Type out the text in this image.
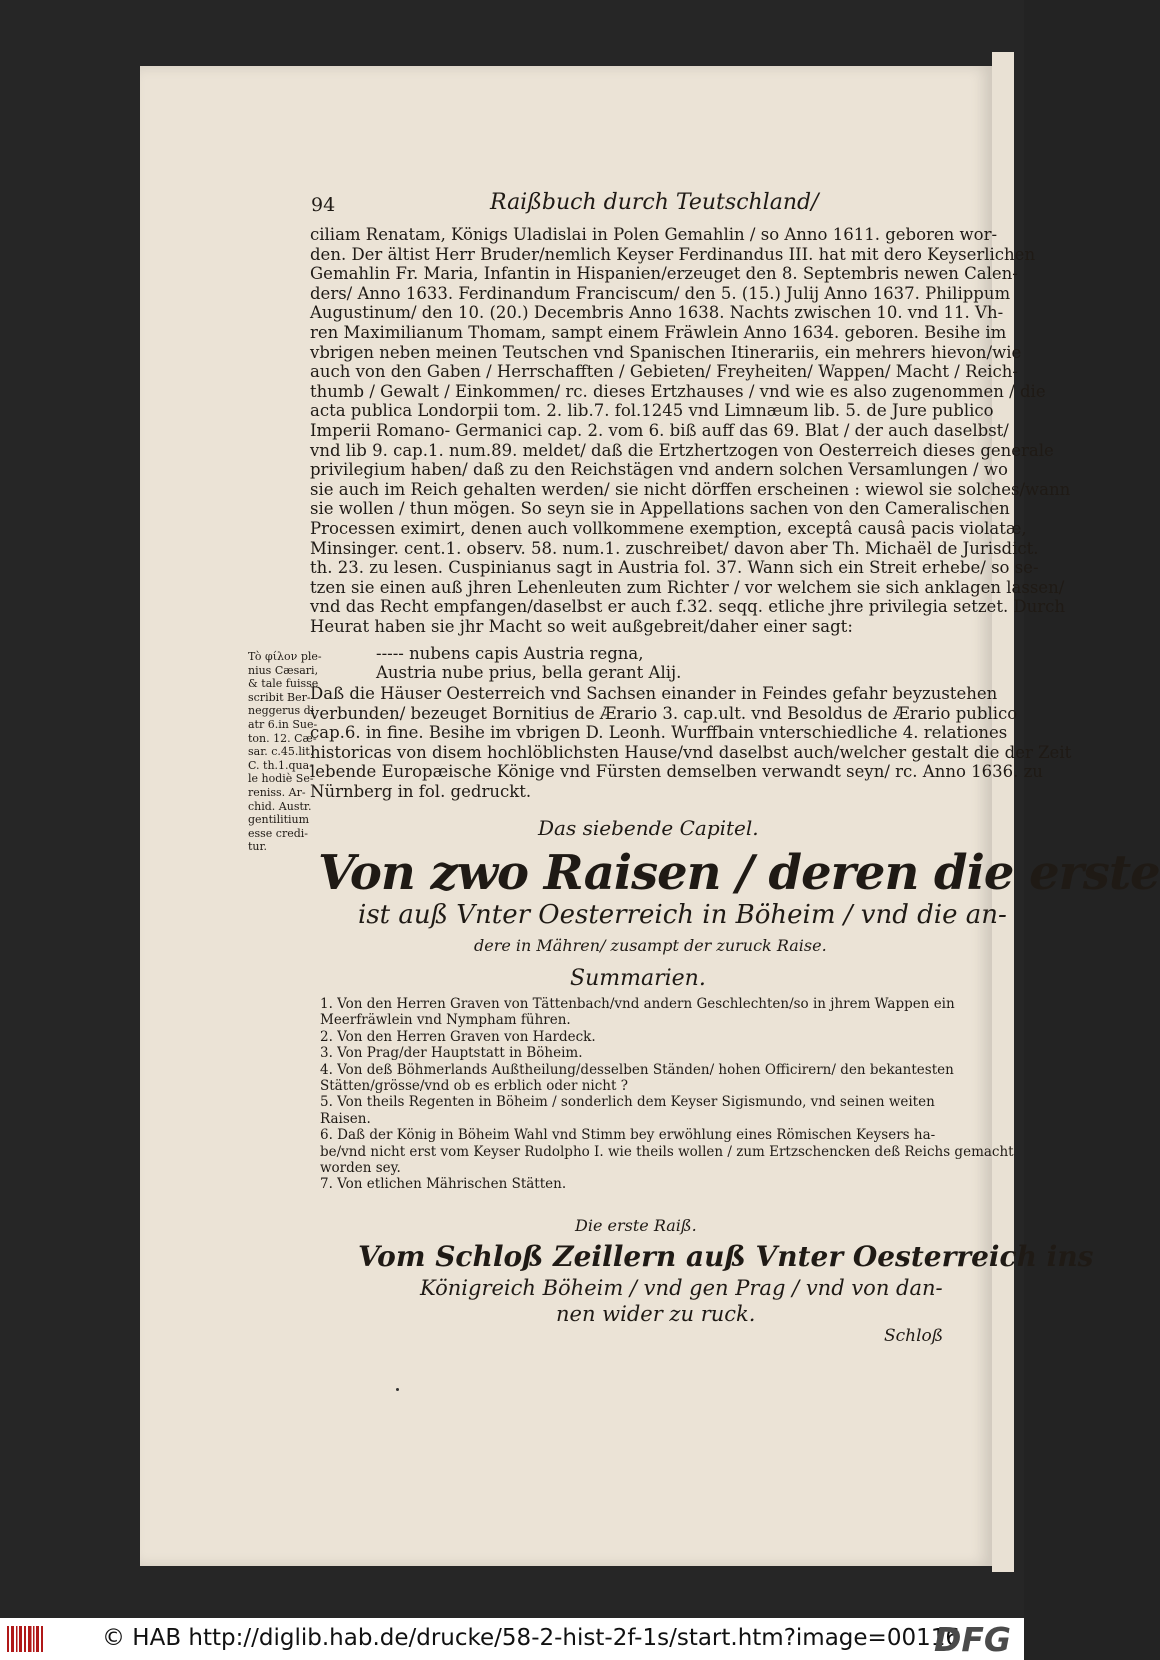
94	Raißbuch durch Teutschland/
ciliam Renatam, Königs Uladislai in Polen Gemahlin / so Anno 1611. geboren wor-
den. Der ältist Herr Bruder/nemlich Keyser Ferdinandus III. hat mit dero Keyserlichen
Gemahlin Fr. Maria, Infantin in Hispanien/erzeuget den 8. Septembris newen Calen-
ders/ Anno 1633. Ferdinandum Franciscum/ den 5. (15.) Julij Anno 1637. Philippum
Augustinum/ den 10. (20.) Decembris Anno 1638. Nachts zwischen 10. vnd 11. Vh-
ren Maximilianum Thomam, sampt einem Fräwlein Anno 1634. geboren. Besihe im
vbrigen neben meinen Teutschen vnd Spanischen Itinerariis, ein mehrers hievon/wie
auch von den Gaben / Herrschafften / Gebieten/ Freyheiten/ Wappen/ Macht / Reich-
thumb / Gewalt / Einkommen/ rc. dieses Ertzhauses / vnd wie es also zugenommen / die
acta publica Londorpii tom. 2. lib.7. fol.1245 vnd Limnæum lib. 5. de Jure publico
Imperii Romano- Germanici cap. 2. vom 6. biß auff das 69. Blat / der auch daselbst/
vnd lib 9. cap.1. num.89. meldet/ daß die Ertzhertzogen von Oesterreich dieses generale
privilegium haben/ daß zu den Reichstägen vnd andern solchen Versamlungen / wo
sie auch im Reich gehalten werden/ sie nicht dörffen erscheinen : wiewol sie solches/wann
sie wollen / thun mögen. So seyn sie in Appellations sachen von den Cameralischen
Processen eximirt, denen auch vollkommene exemption, exceptâ causâ pacis violatæ,
Minsinger. cent.1. observ. 58. num.1. zuschreibet/ davon aber Th. Michaël de Jurisdict.
th. 23. zu lesen. Cuspinianus sagt in Austria fol. 37. Wann sich ein Streit erhebe/ so se-
tzen sie einen auß jhren Lehenleuten zum Richter / vor welchem sie sich anklagen lassen/
vnd das Recht empfangen/daselbst er auch f.32. seqq. etliche jhre privilegia setzet. Durch
Heurat haben sie jhr Macht so weit außgebreit/daher einer sagt:
Tò φίλον ple-
nius Cæsari,
& tale fuisse
scribit Ber-
neggerus di
atr 6.in Sue-
ton. 12. Cæ-
sar. c.45.lit.
C. th.1.qua-
le hodiè Se-
reniss. Ar-
chid. Austr.
gentilitium
esse credi-
tur.
----- nubens capis Austria regna,
Austria nube prius, bella gerant Alij.
Daß die Häuser Oesterreich vnd Sachsen einander in Feindes gefahr beyzustehen
verbunden/ bezeuget Bornitius de Ærario 3. cap.ult. vnd Besoldus de Ærario publico
cap.6. in fine. Besihe im vbrigen D. Leonh. Wurffbain vnterschiedliche 4. relationes
historicas von disem hochlöblichsten Hause/vnd daselbst auch/welcher gestalt die der Zeit
lebende Europæische Könige vnd Fürsten demselben verwandt seyn/ rc. Anno 1636. zu
Nürnberg in fol. gedruckt.
Das siebende Capitel.
Von zwo Raisen / deren die erste
ist auß Vnter Oesterreich in Böheim / vnd die an-
dere in Mähren/ zusampt der zuruck Raise.
Summarien.
1. Von den Herren Graven von Tättenbach/vnd andern Geschlechten/so in jhrem Wappen ein
Meerfräwlein vnd Nympham führen.
2. Von den Herren Graven von Hardeck.
3. Von Prag/der Hauptstatt in Böheim.
4. Von deß Böhmerlands Außtheilung/desselben Ständen/ hohen Officirern/ den bekantesten
Stätten/grösse/vnd ob es erblich oder nicht ?
5. Von theils Regenten in Böheim / sonderlich dem Keyser Sigismundo, vnd seinen weiten
Raisen.
6. Daß der König in Böheim Wahl vnd Stimm bey erwöhlung eines Römischen Keysers ha-
be/vnd nicht erst vom Keyser Rudolpho I. wie theils wollen / zum Ertzschencken deß Reichs gemacht
worden sey.
7. Von etlichen Mährischen Stätten.
Die erste Raiß.
Vom Schloß Zeillern auß Vnter Oesterreich ins
Königreich Böheim / vnd gen Prag / vnd von dan-
nen wider zu ruck.
Schloß
© HAB http://diglib.hab.de/drucke/58-2-hist-2f-1s/start.htm?image=00116
DFG
